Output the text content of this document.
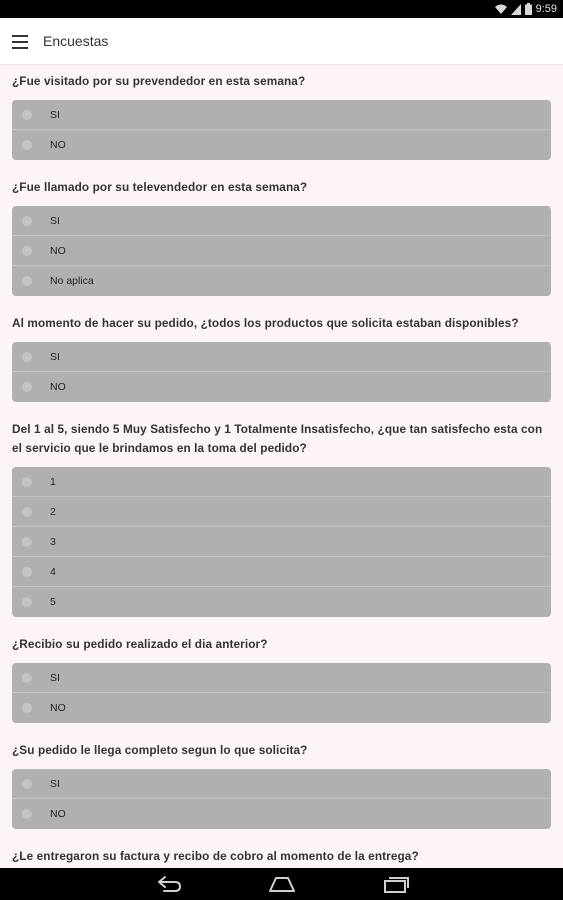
9:59
Encuestas

¿Fue visitado por su prevendedor en esta semana?

SI
NO

¿Fue llamado por su televendedor en esta semana?

SI
NO
No aplica

Al momento de hacer su pedido, ¿todos los productos que solicita estaban disponibles?

SI
NO

Del 1 al 5, siendo 5 Muy Satisfecho y 1 Totalmente Insatisfecho, ¿que tan satisfecho esta con el servicio que le brindamos en la toma del pedido?

1
2
3
4
5

¿Recibio su pedido realizado el dia anterior?

SI
NO

¿Su pedido le llega completo segun lo que solicita?

SI
NO

¿Le entregaron su factura y recibo de cobro al momento de la entrega?
